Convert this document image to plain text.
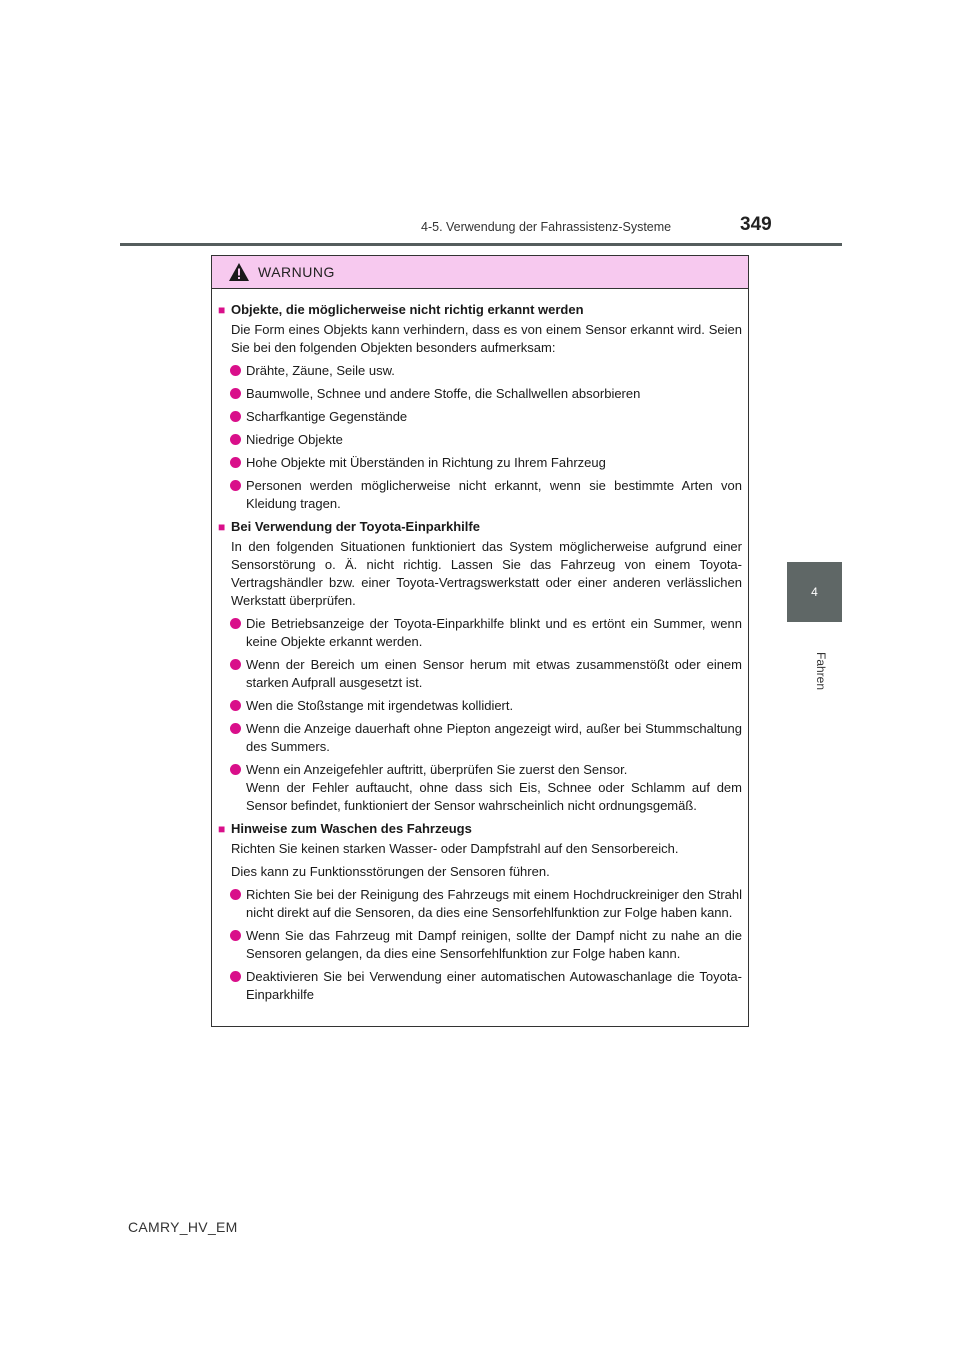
4-5. Verwendung der Fahrassistenz-Systeme	349
4
Fahren
WARNUNG
■ Objekte, die möglicherweise nicht richtig erkannt werden
Die Form eines Objekts kann verhindern, dass es von einem Sensor erkannt wird. Seien Sie bei den folgenden Objekten besonders aufmerksam:
Drähte, Zäune, Seile usw.
Baumwolle, Schnee und andere Stoffe, die Schallwellen absorbieren
Scharfkantige Gegenstände
Niedrige Objekte
Hohe Objekte mit Überständen in Richtung zu Ihrem Fahrzeug
Personen werden möglicherweise nicht erkannt, wenn sie bestimmte Arten von Kleidung tragen.
■ Bei Verwendung der Toyota-Einparkhilfe
In den folgenden Situationen funktioniert das System möglicherweise aufgrund einer Sensorstörung o. Ä. nicht richtig. Lassen Sie das Fahrzeug von einem Toyota-Vertragshändler bzw. einer Toyota-Vertragswerkstatt oder einer anderen verlässlichen Werkstatt überprüfen.
Die Betriebsanzeige der Toyota-Einparkhilfe blinkt und es ertönt ein Summer, wenn keine Objekte erkannt werden.
Wenn der Bereich um einen Sensor herum mit etwas zusammenstößt oder einem starken Aufprall ausgesetzt ist.
Wen die Stoßstange mit irgendetwas kollidiert.
Wenn die Anzeige dauerhaft ohne Piepton angezeigt wird, außer bei Stummschaltung des Summers.
Wenn ein Anzeigefehler auftritt, überprüfen Sie zuerst den Sensor.
Wenn der Fehler auftaucht, ohne dass sich Eis, Schnee oder Schlamm auf dem Sensor befindet, funktioniert der Sensor wahrscheinlich nicht ordnungsgemäß.
■ Hinweise zum Waschen des Fahrzeugs
Richten Sie keinen starken Wasser- oder Dampfstrahl auf den Sensorbereich.
Dies kann zu Funktionsstörungen der Sensoren führen.
Richten Sie bei der Reinigung des Fahrzeugs mit einem Hochdruckreiniger den Strahl nicht direkt auf die Sensoren, da dies eine Sensorfehlfunktion zur Folge haben kann.
Wenn Sie das Fahrzeug mit Dampf reinigen, sollte der Dampf nicht zu nahe an die Sensoren gelangen, da dies eine Sensorfehlfunktion zur Folge haben kann.
Deaktivieren Sie bei Verwendung einer automatischen Autowaschanlage die Toyota-Einparkhilfe
CAMRY_HV_EM
